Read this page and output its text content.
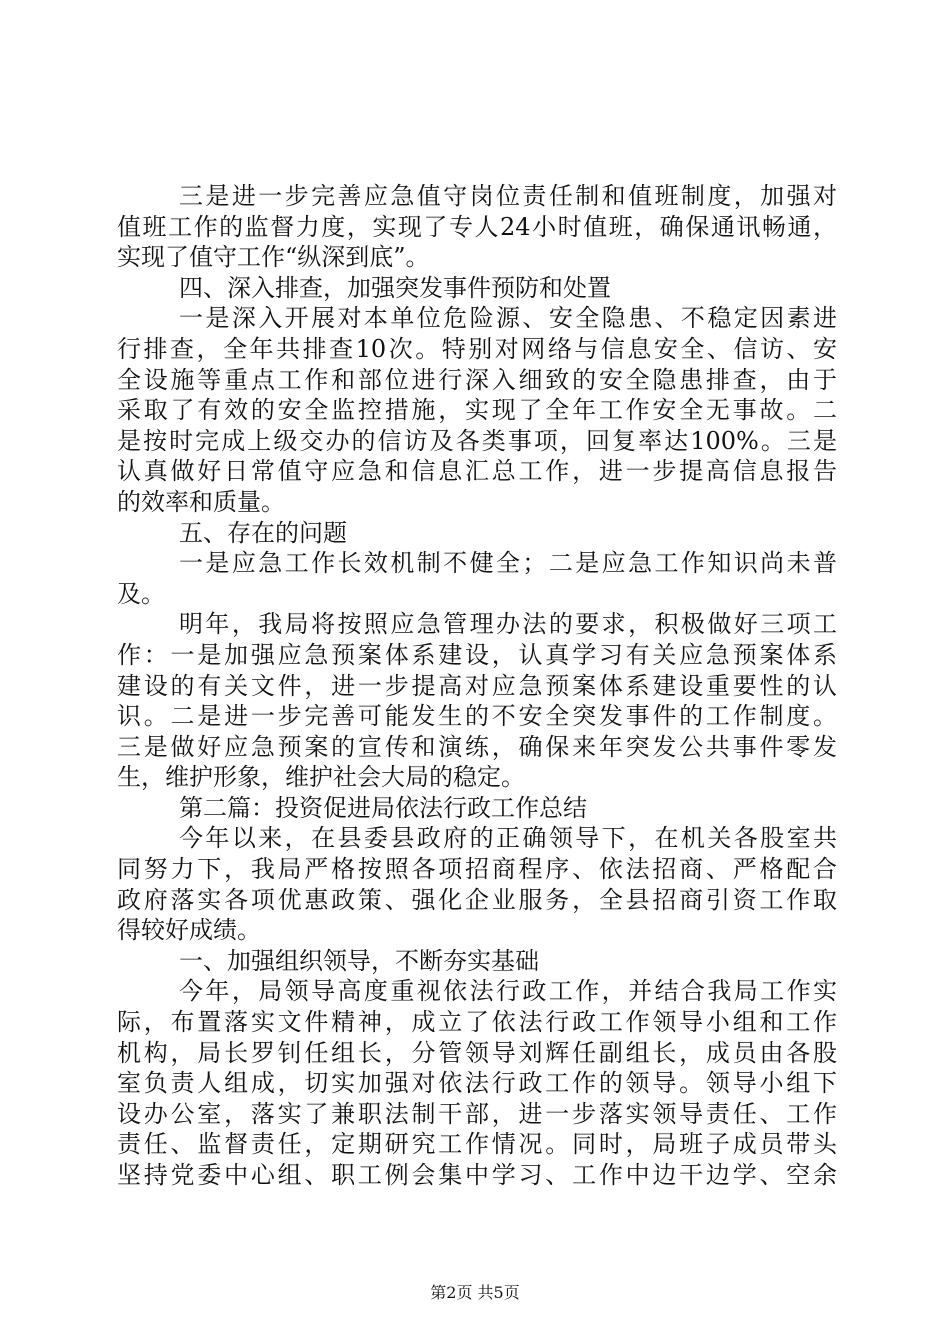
三是进一步完善应急值守岗位责任制和值班制度，加强对
值班工作的监督力度，实现了专人24小时值班，确保通讯畅通，
实现了值守工作“纵深到底”。
四、深入排查，加强突发事件预防和处置
一是深入开展对本单位危险源、安全隐患、不稳定因素进
行排查，全年共排查10次。特别对网络与信息安全、信访、安
全设施等重点工作和部位进行深入细致的安全隐患排查，由于
采取了有效的安全监控措施，实现了全年工作安全无事故。二
是按时完成上级交办的信访及各类事项，回复率达100%。三是
认真做好日常值守应急和信息汇总工作，进一步提高信息报告
的效率和质量。
五、存在的问题
一是应急工作长效机制不健全；二是应急工作知识尚未普
及。
明年，我局将按照应急管理办法的要求，积极做好三项工
作：一是加强应急预案体系建设，认真学习有关应急预案体系
建设的有关文件，进一步提高对应急预案体系建设重要性的认
识。二是进一步完善可能发生的不安全突发事件的工作制度。
三是做好应急预案的宣传和演练，确保来年突发公共事件零发
生，维护形象，维护社会大局的稳定。
第二篇：投资促进局依法行政工作总结
今年以来，在县委县政府的正确领导下，在机关各股室共
同努力下，我局严格按照各项招商程序、依法招商、严格配合
政府落实各项优惠政策、强化企业服务，全县招商引资工作取
得较好成绩。
一、加强组织领导，不断夯实基础
今年，局领导高度重视依法行政工作，并结合我局工作实
际，布置落实文件精神，成立了依法行政工作领导小组和工作
机构，局长罗钊任组长，分管领导刘辉任副组长，成员由各股
室负责人组成，切实加强对依法行政工作的领导。领导小组下
设办公室，落实了兼职法制干部，进一步落实领导责任、工作
责任、监督责任，定期研究工作情况。同时，局班子成员带头
坚持党委中心组、职工例会集中学习、工作中边干边学、空余
第2页 共5页
